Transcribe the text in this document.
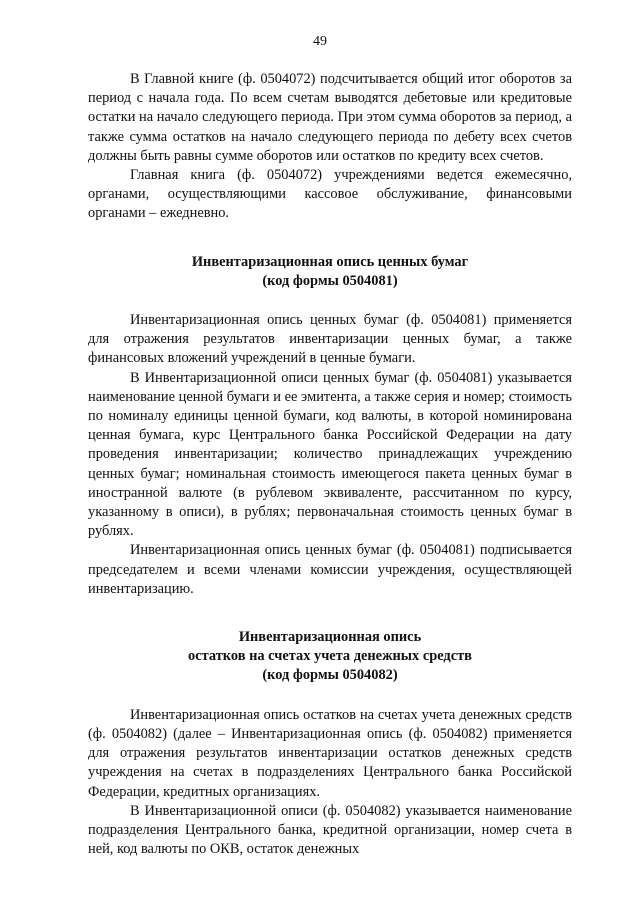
49

В Главной книге (ф. 0504072) подсчитывается общий итог оборотов за период с начала года. По всем счетам выводятся дебетовые или кредитовые остатки на начало следующего периода. При этом сумма оборотов за период, а также сумма остатков на начало следующего периода по дебету всех счетов должны быть равны сумме оборотов или остатков по кредиту всех счетов.

Главная книга (ф. 0504072) учреждениями ведется ежемесячно, органами, осуществляющими кассовое обслуживание, финансовыми органами – ежедневно.

Инвентаризационная опись ценных бумаг

(код формы 0504081)

Инвентаризационная опись ценных бумаг (ф. 0504081) применяется для отражения результатов инвентаризации ценных бумаг, а также финансовых вложений учреждений в ценные бумаги.

В Инвентаризационной описи ценных бумаг (ф. 0504081) указывается наименование ценной бумаги и ее эмитента, а также серия и номер; стоимость по номиналу единицы ценной бумаги, код валюты, в которой номинирована ценная бумага, курс Центрального банка Российской Федерации на дату проведения инвентаризации; количество принадлежащих учреждению ценных бумаг; номинальная стоимость имеющегося пакета ценных бумаг в иностранной валюте (в рублевом эквиваленте, рассчитанном по курсу, указанному в описи), в рублях; первоначальная стоимость ценных бумаг в рублях.

Инвентаризационная опись ценных бумаг (ф. 0504081) подписывается председателем и всеми членами комиссии учреждения, осуществляющей инвентаризацию.

Инвентаризационная опись

остатков на счетах учета денежных средств

(код формы 0504082)

Инвентаризационная опись остатков на счетах учета денежных средств (ф. 0504082) (далее – Инвентаризационная опись (ф. 0504082) применяется для отражения результатов инвентаризации остатков денежных средств учреждения на счетах в подразделениях Центрального банка Российской Федерации, кредитных организациях.

В Инвентаризационной описи (ф. 0504082) указывается наименование подразделения Центрального банка, кредитной организации, номер счета в ней, код валюты по ОКВ, остаток денежных
